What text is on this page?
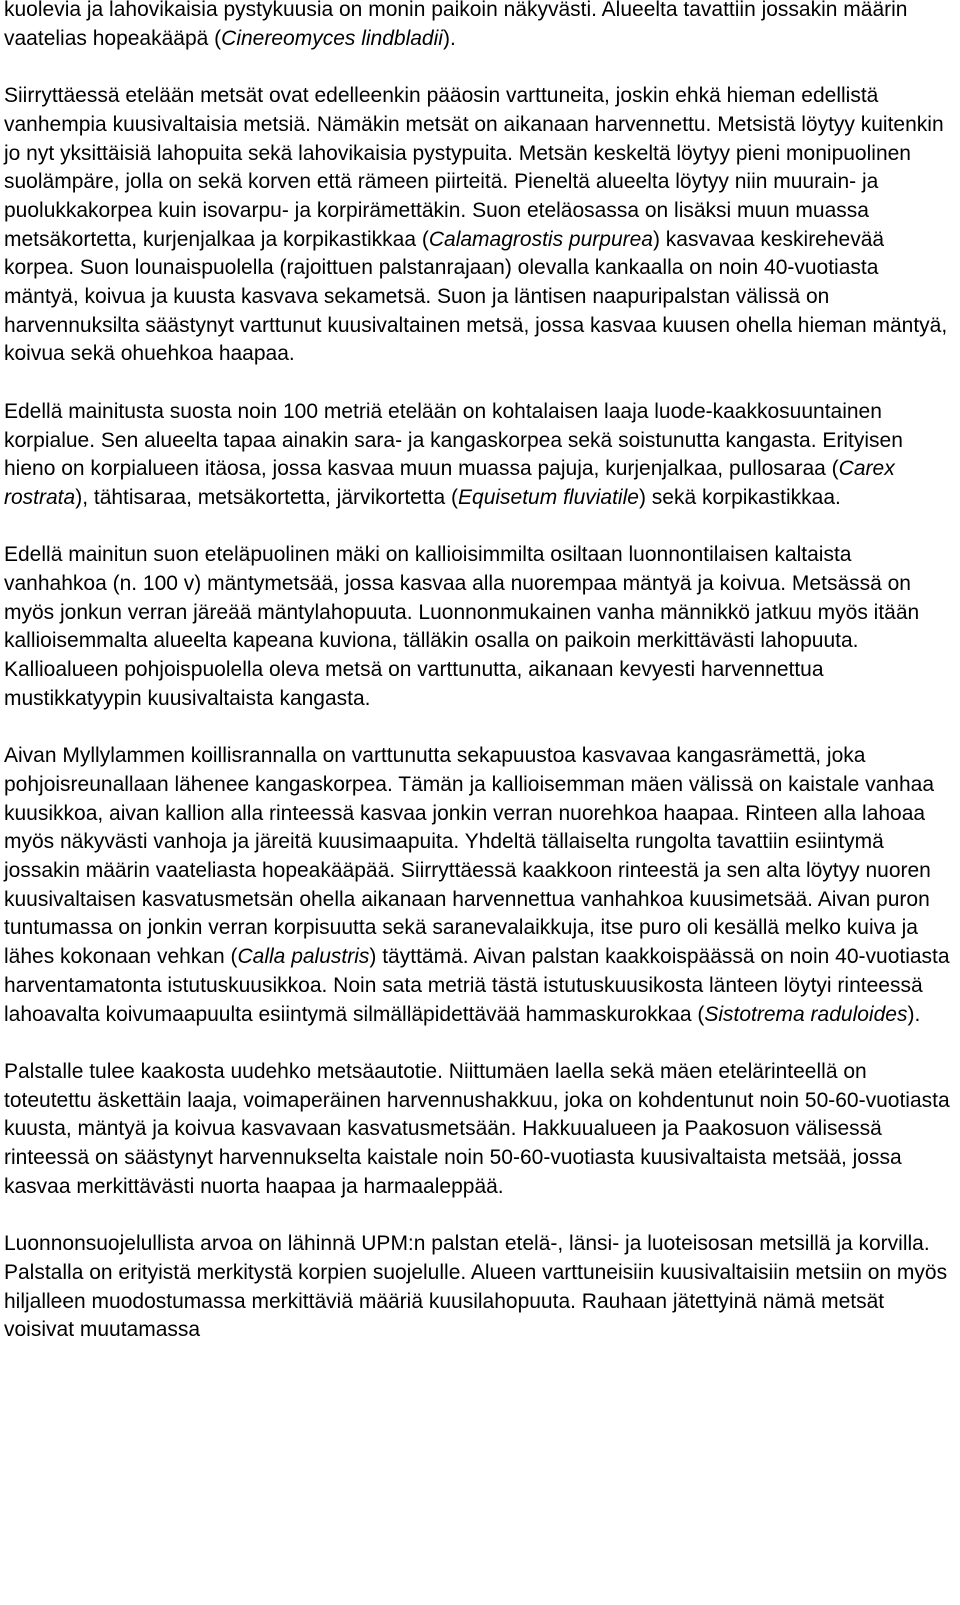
kuolevia ja lahovikaisia pystykuusia on monin paikoin näkyvästi. Alueelta tavattiin jossakin määrin vaatelias hopeakääpä (Cinereomyces lindbladii).

Siirryttäessä etelään metsät ovat edelleenkin pääosin varttuneita, joskin ehkä hieman edellistä vanhempia kuusivaltaisia metsiä. Nämäkin metsät on aikanaan harvennettu. Metsistä löytyy kuitenkin jo nyt yksittäisiä lahopuita sekä lahovikaisia pystypuita. Metsän keskeltä löytyy pieni monipuolinen suolämpäre, jolla on sekä korven että rämeen piirteitä. Pieneltä alueelta löytyy niin muurain- ja puolukkakorpea kuin isovarpu- ja korpirämettäkin. Suon eteläosassa on lisäksi muun muassa metsäkortetta, kurjenjalkaa ja korpikastikkaa (Calamagrostis purpurea) kasvavaa keskirehevää korpea. Suon lounaispuolella (rajoittuen palstanrajaan) olevalla kankaalla on noin 40-vuotiasta mäntyä, koivua ja kuusta kasvava sekametsä. Suon ja läntisen naapuripalstan välissä on harvennuksilta säästynyt varttunut kuusivaltainen metsä, jossa kasvaa kuusen ohella hieman mäntyä, koivua sekä ohuehkoa haapaa.

Edellä mainitusta suosta noin 100 metriä etelään on kohtalaisen laaja luode-kaakkosuuntainen korpialue. Sen alueelta tapaa ainakin sara- ja kangaskorpea sekä soistunutta kangasta. Erityisen hieno on korpialueen itäosa, jossa kasvaa muun muassa pajuja, kurjenjalkaa, pullosaraa (Carex rostrata), tähtisaraa, metsäkortetta, järvikortetta (Equisetum fluviatile) sekä korpikastikkaa.

Edellä mainitun suon eteläpuolinen mäki on kallioisimmilta osiltaan luonnontilaisen kaltaista vanhahkoa (n. 100 v) mäntymetsää, jossa kasvaa alla nuorempaa mäntyä ja koivua. Metsässä on myös jonkun verran järeää mäntylahopuuta. Luonnonmukainen vanha männikkö jatkuu myös itään kallioisemmalta alueelta kapeana kuviona, tälläkin osalla on paikoin merkittävästi lahopuuta. Kallioalueen pohjoispuolella oleva metsä on varttunutta, aikanaan kevyesti harvennettua mustikkatyypin kuusivaltaista kangasta.

Aivan Myllylammen koillisrannalla on varttunutta sekapuustoa kasvavaa kangasrämettä, joka pohjoisreunallaan lähenee kangaskorpea. Tämän ja kallioisemman mäen välissä on kaistale vanhaa kuusikkoa, aivan kallion alla rinteessä kasvaa jonkin verran nuorehkoa haapaa. Rinteen alla lahoaa myös näkyvästi vanhoja ja järeitä kuusimaapuita. Yhdeltä tällaiselta rungolta tavattiin esiintymä jossakin määrin vaateliasta hopeakääpää. Siirryttäessä kaakkoon rinteestä ja sen alta löytyy nuoren kuusivaltaisen kasvatusmetsän ohella aikanaan harvennettua vanhahkoa kuusimetsää. Aivan puron tuntumassa on jonkin verran korpisuutta sekä saranevalaikkuja, itse puro oli kesällä melko kuiva ja lähes kokonaan vehkan (Calla palustris) täyttämä. Aivan palstan kaakkoispäässä on noin 40-vuotiasta harventamatonta istutuskuusikkoa. Noin sata metriä tästä istutuskuusikosta länteen löytyi rinteessä lahoavalta koivumaapuulta esiintymä silmälläpidettävää hammaskurokkaa (Sistotrema raduloides).

Palstalle tulee kaakosta uudehko metsäautotie. Niittumäen laella sekä mäen etelärinteellä on toteutettu äskettäin laaja, voimaperäinen harvennushakkuu, joka on kohdentunut noin 50-60-vuotiasta kuusta, mäntyä ja koivua kasvavaan kasvatusmetsään. Hakkuualueen ja Paakosuon välisessä rinteessä on säästynyt harvennukselta kaistale noin 50-60-vuotiasta kuusivaltaista metsää, jossa kasvaa merkittävästi nuorta haapaa ja harmaaleppää.

Luonnonsuojelullista arvoa on lähinnä UPM:n palstan etelä-, länsi- ja luoteisosan metsillä ja korvilla. Palstalla on erityistä merkitystä korpien suojelulle. Alueen varttuneisiin kuusivaltaisiin metsiin on myös hiljalleen muodostumassa merkittäviä määriä kuusilahopuuta. Rauhaan jätettyinä nämä metsät voisivat muutamassa
